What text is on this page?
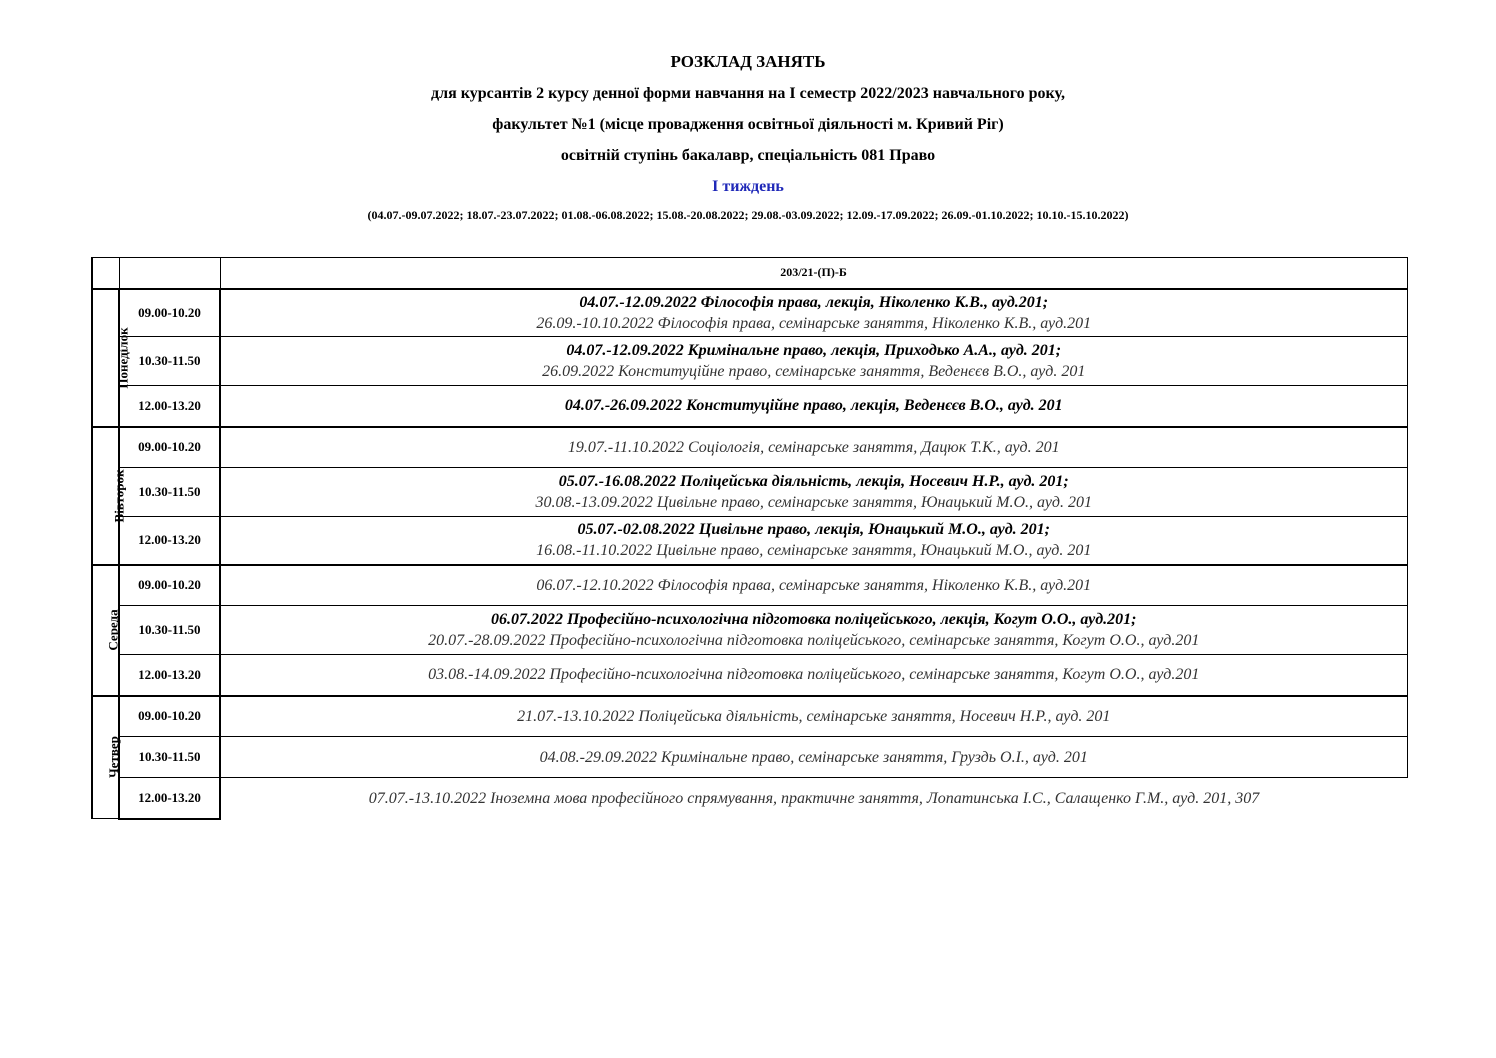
РОЗКЛАД ЗАНЯТЬ
для курсантів 2 курсу денної форми навчання на І семестр 2022/2023 навчального року,
факультет №1 (місце провадження освітньої діяльності м. Кривий Ріг)
освітній ступінь бакалавр, спеціальність 081 Право
І тиждень
(04.07.-09.07.2022; 18.07.-23.07.2022; 01.08.-06.08.2022; 15.08.-20.08.2022; 29.08.-03.09.2022; 12.09.-17.09.2022; 26.09.-01.10.2022; 10.10.-15.10.2022)
		203/21-(П)-Б
Понеділок	09.00-10.20	04.07.-12.09.2022 Філософія права, лекція, Ніколенко К.В., ауд.201;
26.09.-10.10.2022 Філософія права, семінарське заняття, Ніколенко К.В., ауд.201

	10.30-11.50	04.07.-12.09.2022 Кримінальне право, лекція, Приходько А.А., ауд. 201;
26.09.2022 Конституційне право, семінарське заняття, Веденєєв В.О., ауд. 201

	12.00-13.20	04.07.-26.09.2022 Конституційне право, лекція, Веденєєв В.О., ауд. 201

Вівторок	09.00-10.20	19.07.-11.10.2022 Соціологія, семінарське заняття, Дацюк Т.К., ауд. 201

	10.30-11.50	05.07.-16.08.2022 Поліцейська діяльність, лекція, Носевич Н.Р., ауд. 201;
30.08.-13.09.2022 Цивільне право, семінарське заняття, Юнацький М.О., ауд. 201

	12.00-13.20	05.07.-02.08.2022 Цивільне право, лекція, Юнацький М.О., ауд. 201;
16.08.-11.10.2022 Цивільне право, семінарське заняття, Юнацький М.О., ауд. 201

Середа	09.00-10.20	06.07.-12.10.2022 Філософія права, семінарське заняття, Ніколенко К.В., ауд.201

	10.30-11.50	06.07.2022 Професійно-психологічна підготовка поліцейського, лекція, Когут О.О., ауд.201;
20.07.-28.09.2022 Професійно-психологічна підготовка поліцейського, семінарське заняття, Когут О.О., ауд.201

	12.00-13.20	03.08.-14.09.2022 Професійно-психологічна підготовка поліцейського, семінарське заняття, Когут О.О., ауд.201

Четвер	09.00-10.20	21.07.-13.10.2022 Поліцейська діяльність, семінарське заняття, Носевич Н.Р., ауд. 201

	10.30-11.50	04.08.-29.09.2022 Кримінальне право, семінарське заняття, Груздь О.І., ауд. 201

	12.00-13.20	07.07.-13.10.2022 Іноземна мова професійного спрямування, практичне заняття, Лопатинська І.С., Салащенко Г.М., ауд. 201, 307
